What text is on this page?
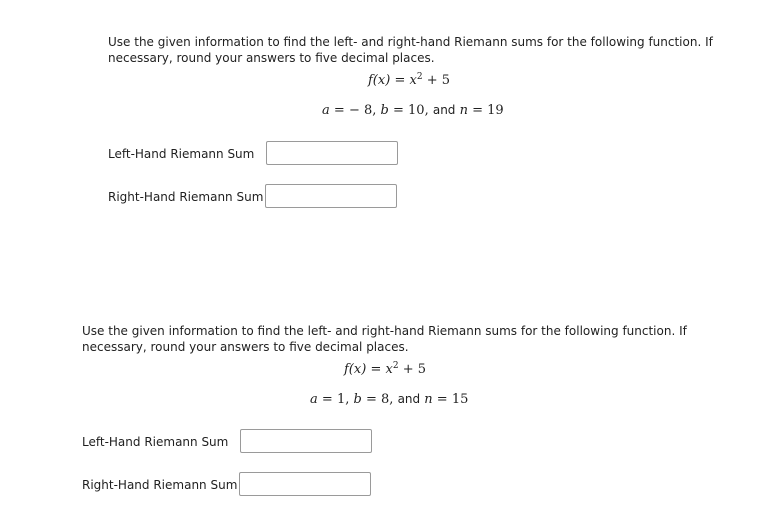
Use the given information to find the left- and right-hand Riemann sums for the following function. If necessary, round your answers to five decimal places.

$f(x) = x^2 + 5$
a = − 8, b = 10, and n = 19
Left-Hand Riemann Sum
Right-Hand Riemann Sum

Use the given information to find the left- and right-hand Riemann sums for the following function. If necessary, round your answers to five decimal places.

$f(x) = x^2 + 5$
a = 1, b = 8, and n = 15
Left-Hand Riemann Sum
Right-Hand Riemann Sum
